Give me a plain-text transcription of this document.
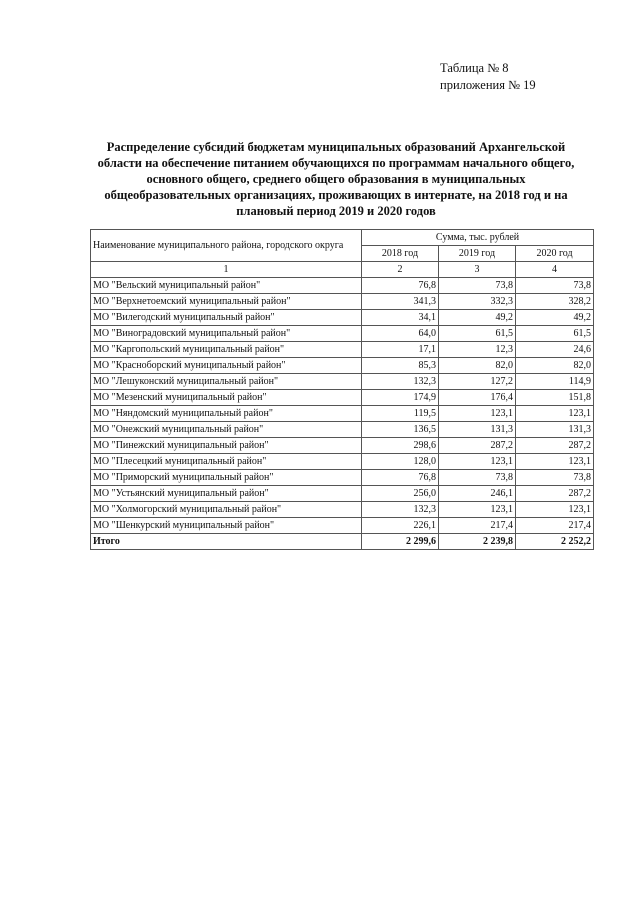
Таблица № 8
приложения № 19
Распределение субсидий бюджетам муниципальных образований Архангельской области на обеспечение питанием обучающихся по программам начального общего, основного общего, среднего общего образования в муниципальных общеобразовательных организациях, проживающих в интернате, на 2018 год и на плановый период 2019 и 2020 годов
Наименование муниципального района, городского округа	Сумма, тыс. рублей		
	2018 год	2019 год	2020 год
1	2	3	4
МО "Вельский муниципальный район"	76,8	73,8	73,8
МО "Верхнетоемский муниципальный район"	341,3	332,3	328,2
МО "Вилегодский муниципальный район"	34,1	49,2	49,2
МО "Виноградовский муниципальный район"	64,0	61,5	61,5
МО "Каргопольский муниципальный район"	17,1	12,3	24,6
МО "Красноборский муниципальный район"	85,3	82,0	82,0
МО "Лешуконский муниципальный район"	132,3	127,2	114,9
МО "Мезенский муниципальный район"	174,9	176,4	151,8
МО "Няндомский муниципальный район"	119,5	123,1	123,1
МО "Онежский муниципальный район"	136,5	131,3	131,3
МО "Пинежский муниципальный район"	298,6	287,2	287,2
МО "Плесецкий муниципальный район"	128,0	123,1	123,1
МО "Приморский муниципальный район"	76,8	73,8	73,8
МО "Устьянский муниципальный район"	256,0	246,1	287,2
МО "Холмогорский муниципальный район"	132,3	123,1	123,1
МО "Шенкурский муниципальный район"	226,1	217,4	217,4
Итого	2 299,6	2 239,8	2 252,2
